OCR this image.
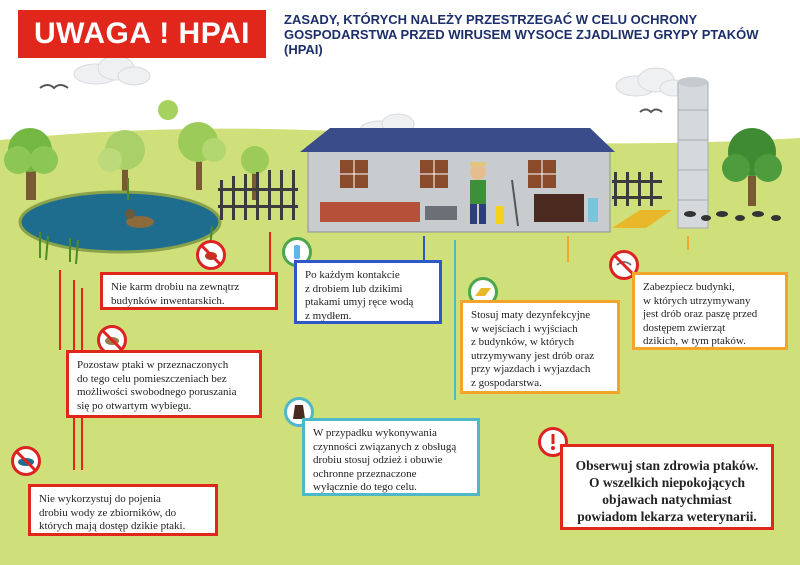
UWAGA ! HPAI	ZASADY, KTÓRYCH NALEŻY PRZESTRZEGAĆ W CELU OCHRONY GOSPODARSTWA PRZED WIRUSEM WYSOCE ZJADLIWEJ GRYPY PTAKÓW (HPAI)
Nie karm drobiu na zewnątrz
budynków inwentarskich.
Po każdym kontakcie
z drobiem lub dzikimi
ptakami umyj ręce wodą
z mydłem.	Stosuj maty dezynfekcyjne
w wejściach i wyjściach
z budynków, w których
utrzymywany jest drób oraz
przy wjazdach i wyjazdach
z gospodarstwa.
Zabezpiecz budynki,
w których utrzymywany
jest drób oraz paszę przed
dostępem zwierząt
dzikich, w tym ptaków.
Pozostaw ptaki w przeznaczonych
do tego celu pomieszczeniach bez
możliwości swobodnego poruszania
się po otwartym wybiegu.
W przypadku wykonywania
czynności związanych z obsługą
drobiu stosuj odzież i obuwie
ochronne przeznaczone
wyłącznie do tego celu.
Nie wykorzystuj do pojenia
drobiu wody ze zbiorników, do
których mają dostęp dzikie ptaki.
Obserwuj stan zdrowia ptaków.
O wszelkich niepokojących
objawach natychmiast
powiadom lekarza weterynarii.
